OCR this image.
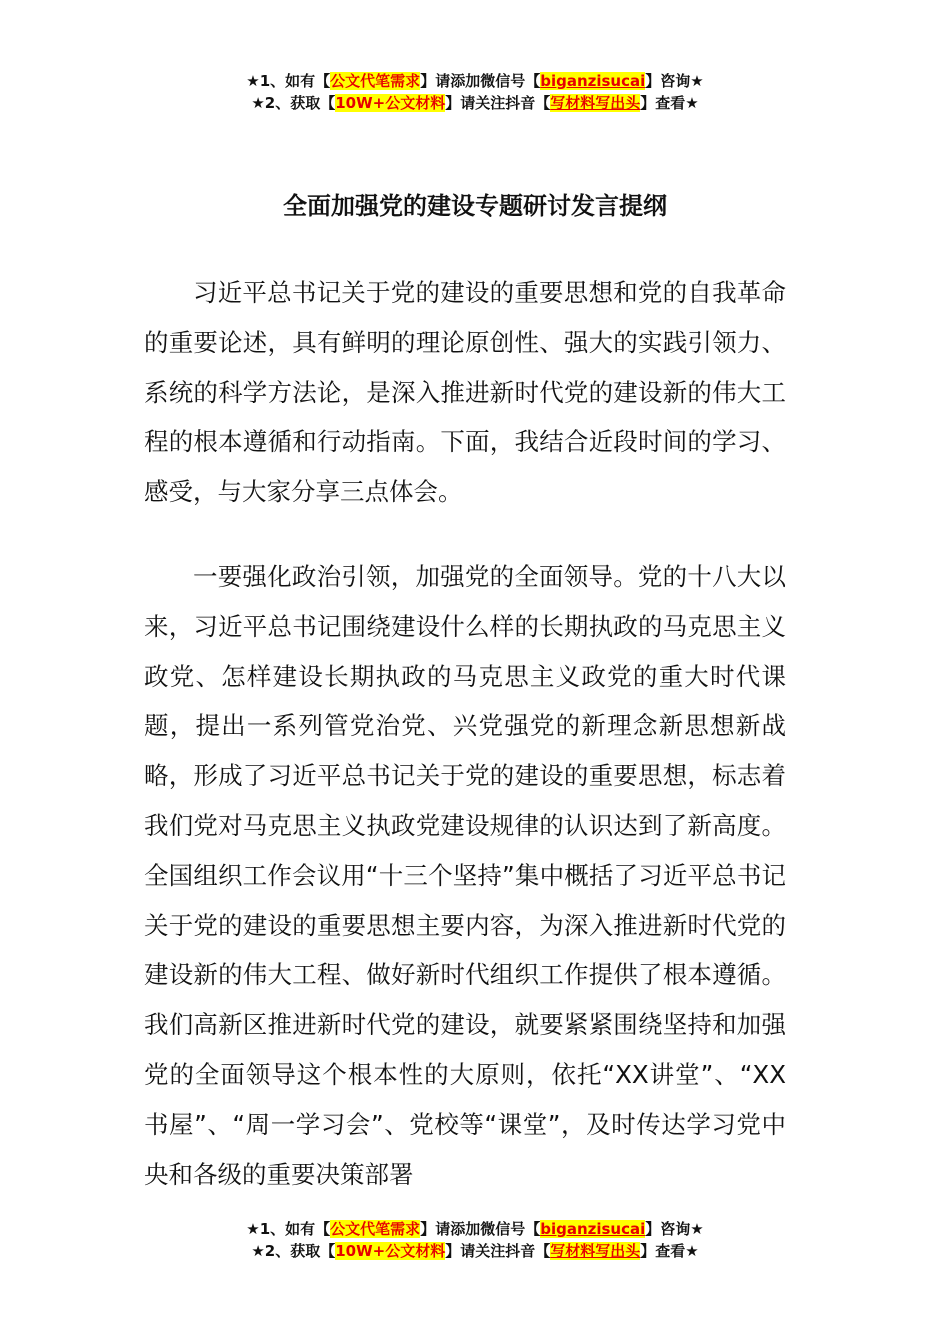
★1、如有【公文代笔需求】请添加微信号【biganzisucai】咨询★
★2、获取【10W+公文材料】请关注抖音【写材料写出头】查看★
全面加强党的建设专题研讨发言提纲

习近平总书记关于党的建设的重要思想和党的自我革命的重要论述，具有鲜明的理论原创性、强大的实践引领力、系统的科学方法论，是深入推进新时代党的建设新的伟大工程的根本遵循和行动指南。下面，我结合近段时间的学习、感受，与大家分享三点体会。

一要强化政治引领，加强党的全面领导。党的十八大以来，习近平总书记围绕建设什么样的长期执政的马克思主义政党、怎样建设长期执政的马克思主义政党的重大时代课题，提出一系列管党治党、兴党强党的新理念新思想新战略，形成了习近平总书记关于党的建设的重要思想，标志着我们党对马克思主义执政党建设规律的认识达到了新高度。全国组织工作会议用“十三个坚持”集中概括了习近平总书记关于党的建设的重要思想主要内容，为深入推进新时代党的建设新的伟大工程、做好新时代组织工作提供了根本遵循。我们高新区推进新时代党的建设，就要紧紧围绕坚持和加强党的全面领导这个根本性的大原则，依托“XX讲堂”、“XX书屋”、“周一学习会”、党校等“课堂”，及时传达学习党中央和各级的重要决策部署

★1、如有【公文代笔需求】请添加微信号【biganzisucai】咨询★
★2、获取【10W+公文材料】请关注抖音【写材料写出头】查看★
